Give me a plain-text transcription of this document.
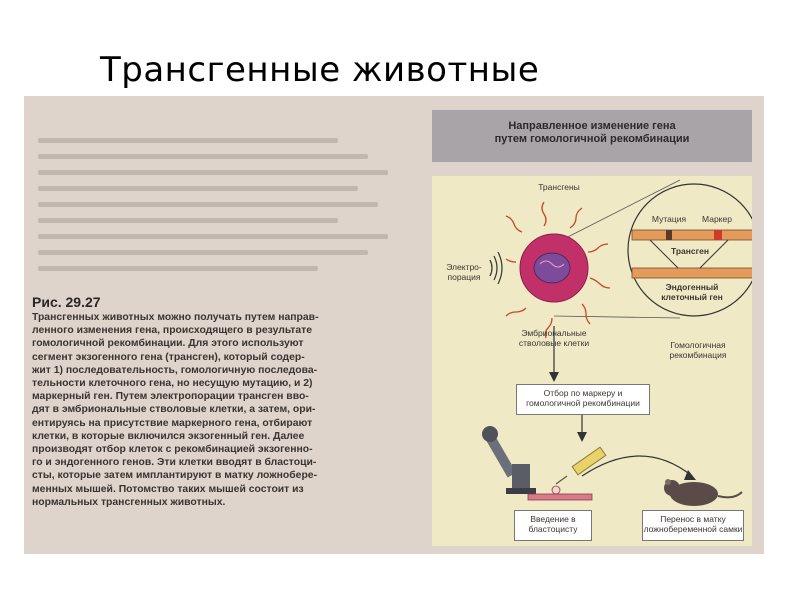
Трансгенные животные
Рис. 29.27

Трансгенных животных можно получать путем направ-

ленного изменения гена, происходящего в результате

гомологичной рекомбинации. Для этого используют

сегмент экзогенного гена (трансген), который содер-

жит 1) последовательность, гомологичную последова-

тельности клеточного гена, но несущую мутацию, и 2)

маркерный ген. Путем электропорации трансген вво-

дят в эмбриональные стволовые клетки, а затем, ори-

ентируясь на присутствие маркерного гена, отбирают

клетки, в которые включился экзогенный ген. Далее

производят отбор клеток с рекомбинацией экзогенно-

го и эндогенного генов. Эти клетки вводят в бластоци-

сты, которые затем имплантируют в матку ложнобере-

менных мышей. Потомство таких мышей состоит из

нормальных трансгенных животных.

Направленное изменение гена
путем гомологичной рекомбинации
Трансгены
Электро-
порация
Мутация	Маркер
Трансген
Эндогенный
клеточный ген
Эмбриональные
стволовые клетки	Гомологичная
рекомбинация
Отбор по маркеру и
гомологичной рекомбинации
Введение в
бластоцисту
Перенос в матку
ложнобеременной самки
